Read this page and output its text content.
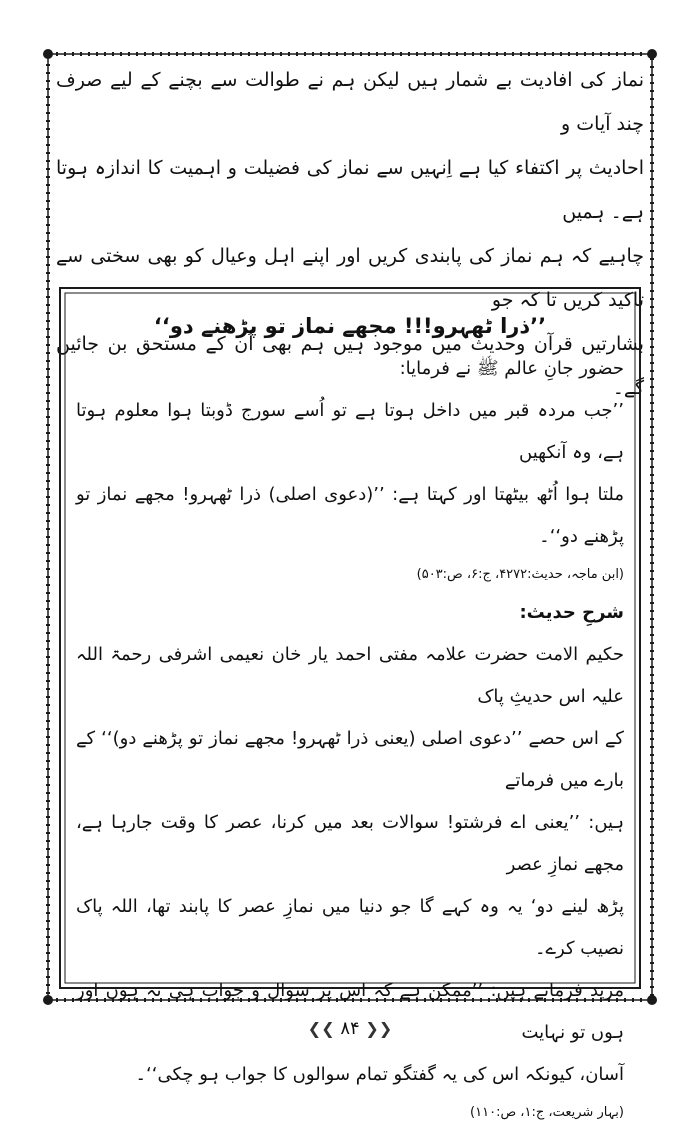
نماز کی افادیت بے شمار ہیں لیکن ہم نے طوالت سے بچنے کے لیے صرف چند آیات و

احادیث پر اکتفاء کیا ہے اِنہیں سے نماز کی فضیلت و اہمیت کا اندازہ ہوتا ہے۔ ہمیں

چاہیے کہ ہم نماز کی پابندی کریں اور اپنے اہل وعیال کو بھی سختی سے تاکید کریں تا کہ جو

بشارتیں قرآن وحدیث میں موجود ہیں ہم بھی اُن کے مستحق بن جائیں گے۔

’’ذرا ٹھہرو!!! مجھے نماز تو پڑھنے دو‘‘

حضور جانِ عالم ﷺ نے فرمایا:

’’جب مردہ قبر میں داخل ہوتا ہے تو اُسے سورج ڈوبتا ہوا معلوم ہوتا ہے، وہ آنکھیں

ملتا ہوا اُٹھ بیٹھتا اور کہتا ہے: ’’(دعوی اصلی) ذرا ٹھہرو! مجھے نماز تو پڑھنے دو‘‘۔

(ابن ماجہ، حدیث:۴۲۷۲، ج:۶، ص:۵۰۳)

شرحِ حدیث:

حکیم الامت حضرت علامہ مفتی احمد یار خان نعیمی اشرفی رحمۃ اللہ علیہ اس حدیثِ پاک

کے اس حصے ’’دعوی اصلی (یعنی ذرا ٹھہرو! مجھے نماز تو پڑھنے دو)‘‘ کے بارے میں فرماتے

ہیں: ’’یعنی اے فرشتو! سوالات بعد میں کرنا، عصر کا وقت جارہا ہے، مجھے نمازِ عصر

پڑھ لینے دو‘ یہ وہ کہے گا جو دنیا میں نمازِ عصر کا پابند تھا، اللہ پاک نصیب کرے۔

مزید فرماتے ہیں: ’’ممکن ہے کہ اس پر سوال و جواب ہی نہ ہوں اور ہوں تو نہایت

آسان، کیونکہ اس کی یہ گفتگو تمام سوالوں کا جواب ہو چکی‘‘۔

(بہار شریعت، ج:۱، ص:۱۱۰)

❮❮ ۸۴ ❯❯
